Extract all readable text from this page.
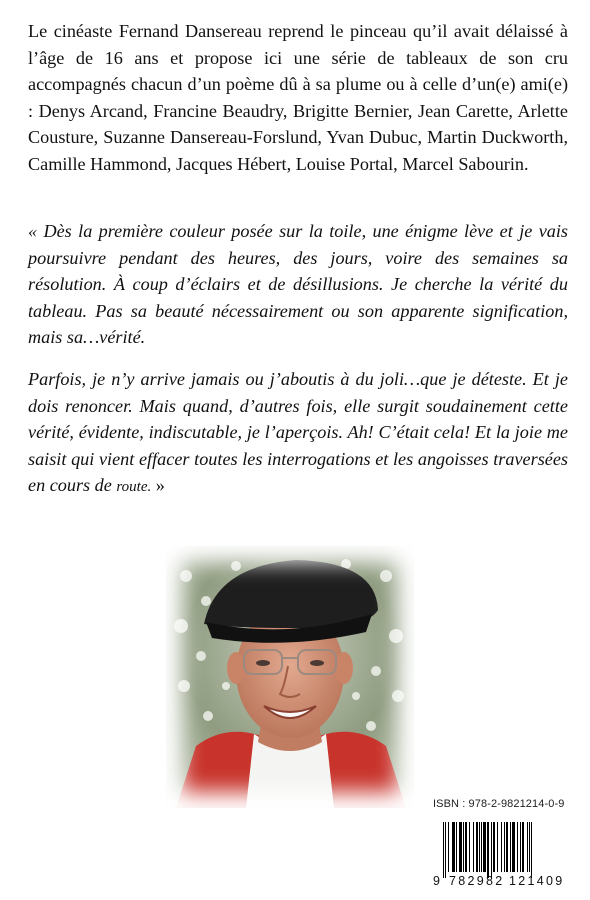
Le cinéaste Fernand Dansereau reprend le pinceau qu’il avait délaissé à l’âge de 16 ans et propose ici une série de tableaux de son cru accompagnés chacun d’un poème dû à sa plume ou à celle d’un(e) ami(e) : Denys Arcand, Francine Beaudry, Brigitte Bernier, Jean Carette, Arlette Cousture, Suzanne Dansereau-Forslund, Yvan Dubuc, Martin Duckworth, Camille Hammond, Jacques Hébert, Louise Portal, Marcel Sabourin.

« Dès la première couleur posée sur la toile, une énigme lève et je vais poursuivre pendant des heures, des jours, voire des semaines sa résolution. À coup d’éclairs et de désillusions. Je cherche la vérité du tableau. Pas sa beauté nécessairement ou son apparente signification, mais sa…vérité.

Parfois, je n’y arrive jamais ou j’aboutis à du joli…que je déteste. Et je dois renoncer. Mais quand, d’autres fois, elle surgit soudainement cette vérité, évidente, indiscutable, je l’aperçois. Ah! C’était cela! Et la joie me saisit qui vient effacer toutes les interrogations et les angoisses traversées en cours de route. »

ISBN : 978-2-9821214-0-9
9 782982 121409
